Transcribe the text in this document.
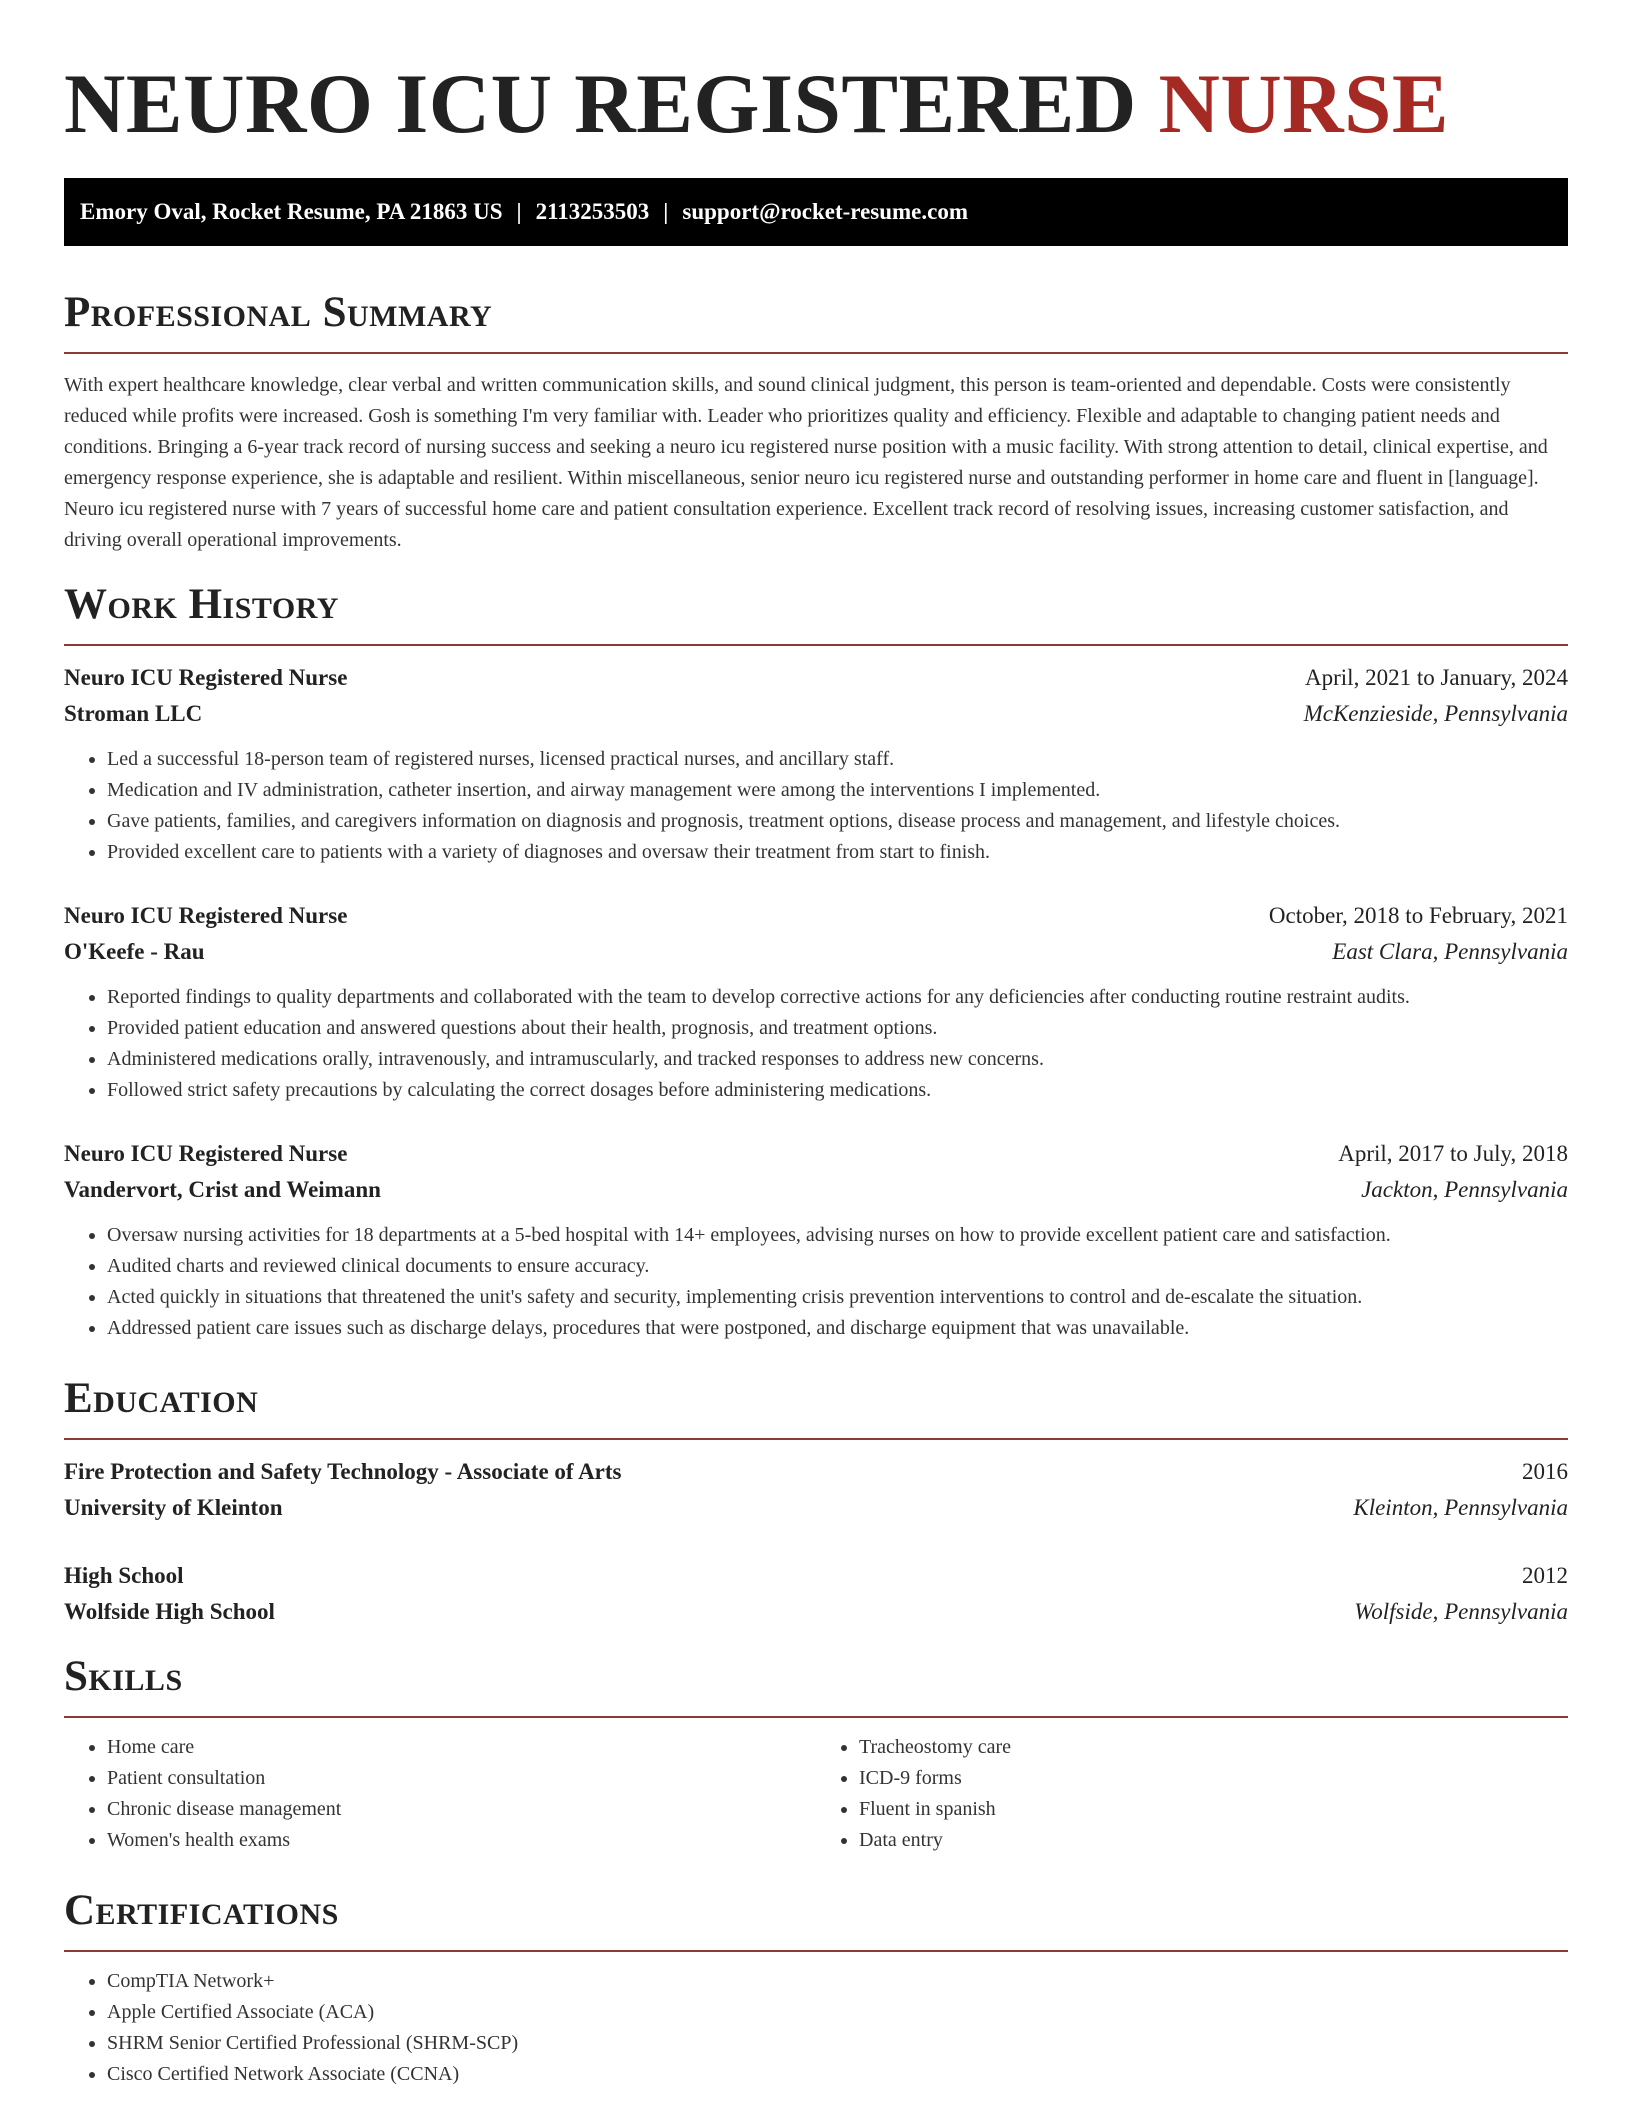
NEURO ICU REGISTERED NURSE
Emory Oval, Rocket Resume, PA 21863 US | 2113253503 | support@rocket-resume.com
Professional Summary

With expert healthcare knowledge, clear verbal and written communication skills, and sound clinical judgment, this person is team-oriented and dependable. Costs were consistently reduced while profits were increased. Gosh is something I'm very familiar with. Leader who prioritizes quality and efficiency. Flexible and adaptable to changing patient needs and conditions. Bringing a 6-year track record of nursing success and seeking a neuro icu registered nurse position with a music facility. With strong attention to detail, clinical expertise, and emergency response experience, she is adaptable and resilient. Within miscellaneous, senior neuro icu registered nurse and outstanding performer in home care and fluent in [language]. Neuro icu registered nurse with 7 years of successful home care and patient consultation experience. Excellent track record of resolving issues, increasing customer satisfaction, and driving overall operational improvements.

Work History
Neuro ICU Registered Nurse	April, 2021 to January, 2024
Stroman LLC	McKenzieside, Pennsylvania
• Led a successful 18-person team of registered nurses, licensed practical nurses, and ancillary staff.
• Medication and IV administration, catheter insertion, and airway management were among the interventions I implemented.
• Gave patients, families, and caregivers information on diagnosis and prognosis, treatment options, disease process and management, and lifestyle choices.
• Provided excellent care to patients with a variety of diagnoses and oversaw their treatment from start to finish.
Neuro ICU Registered Nurse	October, 2018 to February, 2021
O'Keefe - Rau	East Clara, Pennsylvania
• Reported findings to quality departments and collaborated with the team to develop corrective actions for any deficiencies after conducting routine restraint audits.
• Provided patient education and answered questions about their health, prognosis, and treatment options.
• Administered medications orally, intravenously, and intramuscularly, and tracked responses to address new concerns.
• Followed strict safety precautions by calculating the correct dosages before administering medications.
Neuro ICU Registered Nurse	April, 2017 to July, 2018
Vandervort, Crist and Weimann	Jackton, Pennsylvania
• Oversaw nursing activities for 18 departments at a 5-bed hospital with 14+ employees, advising nurses on how to provide excellent patient care and satisfaction.
• Audited charts and reviewed clinical documents to ensure accuracy.
• Acted quickly in situations that threatened the unit's safety and security, implementing crisis prevention interventions to control and de-escalate the situation.
• Addressed patient care issues such as discharge delays, procedures that were postponed, and discharge equipment that was unavailable.
Education
Fire Protection and Safety Technology - Associate of Arts	2016
University of Kleinton	Kleinton, Pennsylvania
High School	2012
Wolfside High School	Wolfside, Pennsylvania
Skills
• Home care
• Patient consultation
• Chronic disease management
• Women's health exams
• Tracheostomy care
• ICD-9 forms
• Fluent in spanish
• Data entry
Certifications
• CompTIA Network+
• Apple Certified Associate (ACA)
• SHRM Senior Certified Professional (SHRM-SCP)
• Cisco Certified Network Associate (CCNA)
